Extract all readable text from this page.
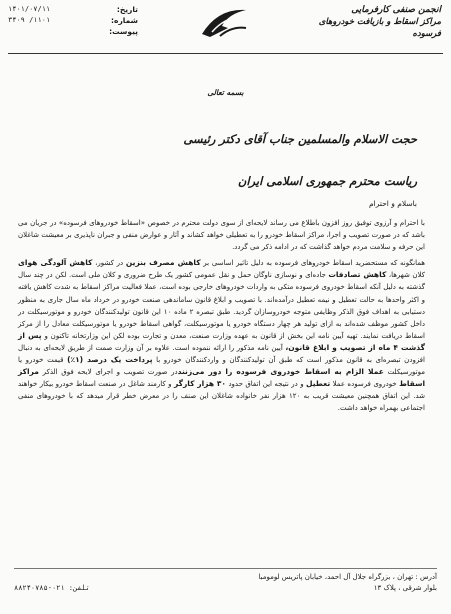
انجمن صنفی کارفرمایی
مراکز اسقاط و بازیافت خودروهای فرسوده
تاریخ:
۱۴۰۱/۰۷/۱۱
شماره:
۱۱۰۱/ ۳۴۰۹
پیوست:
بسمه تعالی
حجت الاسلام والمسلمین جناب آقای دکتر رئیسی
ریاست محترم جمهوری اسلامی ایران
باسلام و احترام

با احترام و آرزوی توفیق روز افزون باطلاع می رساند لایحه‌ای از سوی دولت محترم در خصوص «اسقاط خودروهای فرسوده» در جریان می باشد که در صورت تصویب و اجرا، مراکز اسقاط خودرو را به تعطیلی خواهد کشاند و آثار و عوارض منفی و جبران ناپذیری بر معیشت شاغلان این حرفه و سلامت مردم خواهد گذاشت که در ادامه ذکر می گردد.

همانگونه که مستحضرید اسقاط خودروهای فرسوده به دلیل تاثیر اساسی بر کاهش مصرف بنزین در کشور، کاهش آلودگی هوای کلان شهرها، کاهش تصادفات جاده‌ای و نوسازی ناوگان حمل و نقل عمومی کشور یک طرح ضروری و کلان ملی است. لکن در چند سال گذشته به دلیل آنکه اسقاط خودروی فرسوده متکی به واردات خودروهای خارجی بوده است، عملا فعالیت مراکز اسقاط به شدت کاهش یافته و اکثر واحدها به حالت تعطیل و نیمه تعطیل درآمده‌اند. با تصویب و ابلاغ قانون ساماندهی صنعت خودرو در خرداد ماه سال جاری به منظور دستیابی به اهداف فوق الذکر وظایفی متوجه خودروسازان گردید. طبق تبصره ۲ ماده ۱۰ این قانون تولیدکنندگان خودرو و موتورسیکلت در داخل کشور موظف شده‌اند به ازای تولید هر چهار دستگاه خودرو یا موتورسیکلت، گواهی اسقاط خودرو یا موتورسیکلت معادل را از مرکز اسقاط دریافت نمایند. تهیه آیین نامه این بخش از قانون به عهده وزارت صنعت، معدن و تجارت بوده لکن این وزارتخانه تاکنون و پس از گذشت ۴ ماه از تصویب و ابلاغ قانون، آیین نامه مذکور را ارائه ننموده است. علاوه بر آن وزارت صمت از طریق لایحه‌ای به دنبال افزودن تبصره‌ای به قانون مذکور است که طبق آن تولیدکنندگان و واردکنندگان خودرو با پرداخت یک درصد (۱٪) قیمت خودرو یا موتورسیکلت عملا الزام به اسقاط خودروی فرسوده را دور می‌زننددر صورت تصویب و اجرای لایحه فوق الذکر مراکز اسقاط خودروی فرسوده عملا تعطیل و در نتیجه این اتفاق حدود ۳۰ هزار کارگر و کارمند شاغل در صنعت اسقاط خودرو بیکار خواهند شد. این اتفاق همچنین معیشت قریب به ۱۲۰ هزار نفر خانواده شاغلان این صنف را در معرض خطر قرار میدهد که با خودروهای منفی اجتماعی بهمراه خواهد داشت.

آدرس : تهران ، بزرگراه جلال آل احمد، خیابان پاتریس لومومبا
بلوار شرقی ، پلاک ۱۳
تلفن: ۰۲۱-۸۸۲۴۰۷۸۵
